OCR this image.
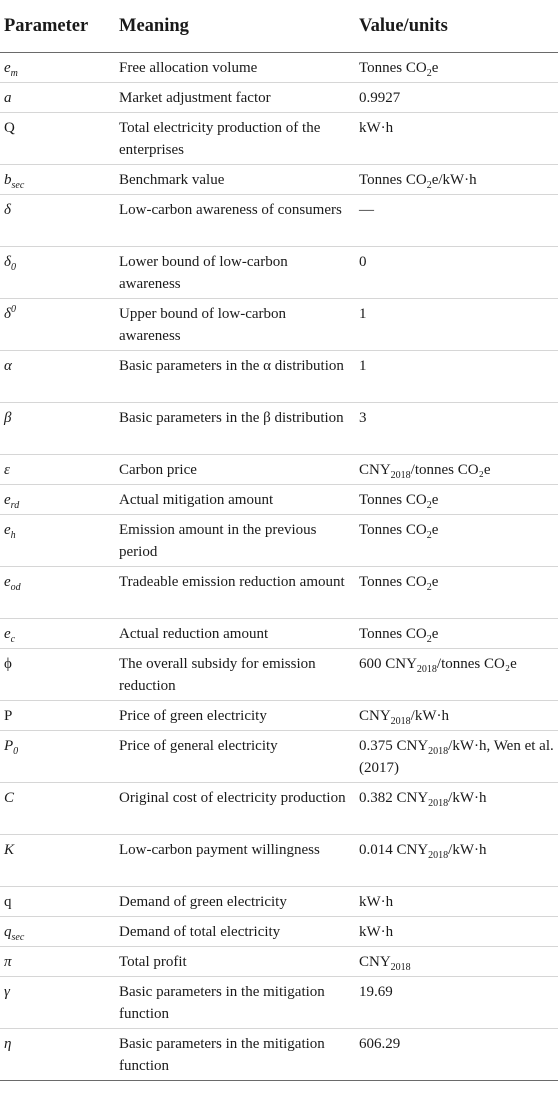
Parameter	Meaning	Value/units
$e_m$	Free allocation volume	Tonnes $CO_2e$
a	Market adjustment factor	0.9927
Q	Total electricity production of the enterprises	kW·h
$b_{sec}$	Benchmark value	Tonnes $CO_2e/kW\cdot h$
δ	Low-carbon awareness of consumers	—
$\delta_0$	Lower bound of low-carbon awareness	0
$\delta^0$	Upper bound of low-carbon awareness	1
α	Basic parameters in the α distribution	1
β	Basic parameters in the β distribution	3
ε	Carbon price	$CNY_{2018}$/tonnes CO₂e
$e_{rd}$	Actual mitigation amount	Tonnes $CO_2e$
$e_h$	Emission amount in the previous period	Tonnes $CO_2e$
$e_{od}$	Tradeable emission reduction amount	Tonnes $CO_2e$
$e_c$	Actual reduction amount	Tonnes $CO_2e$
ϕ	The overall subsidy for emission reduction	600 $CNY_{2018}$/tonnes CO₂e
P	Price of green electricity	$CNY_{2018}/kW\cdot h$
$P_0$	Price of general electricity	0.375 $CNY_{2018}/kW\cdot h$, Wen et al. (2017)
C	Original cost of electricity production	0.382 $CNY_{2018}/kW\cdot h$
K	Low-carbon payment willingness	0.014 $CNY_{2018}/kW\cdot h$
q	Demand of green electricity	kW·h
$q_{sec}$	Demand of total electricity	kW·h
π	Total profit	$CNY_{2018}$
γ	Basic parameters in the mitigation function	19.69
η	Basic parameters in the mitigation function	606.29
